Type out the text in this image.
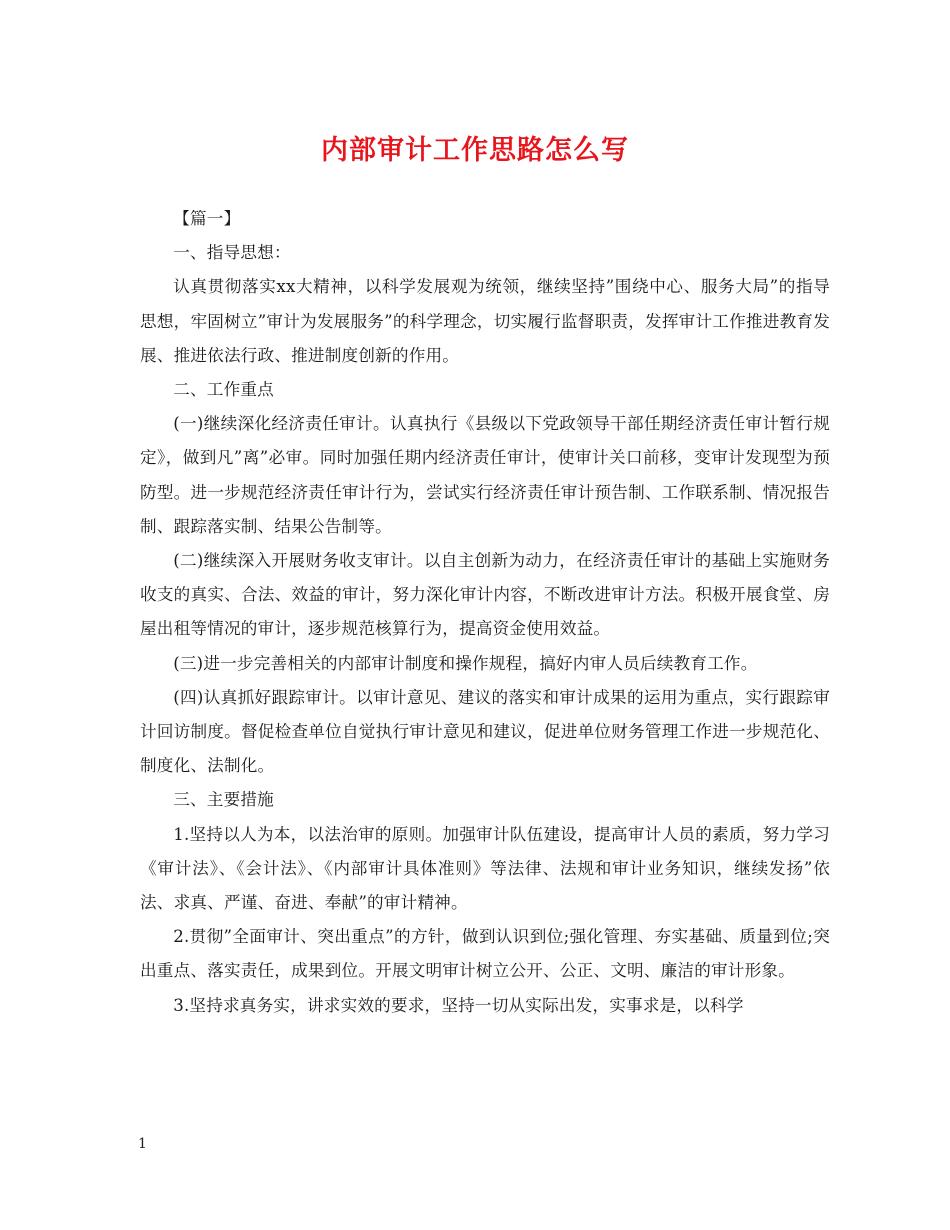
内部审计工作思路怎么写

【篇一】

一、指导思想：

认真贯彻落实xx大精神，以科学发展观为统领，继续坚持”围绕中心、服务大局”的指导思想，牢固树立”审计为发展服务”的科学理念，切实履行监督职责，发挥审计工作推进教育发展、推进依法行政、推进制度创新的作用。

二、工作重点

(一)继续深化经济责任审计。认真执行《县级以下党政领导干部任期经济责任审计暂行规定》，做到凡”离”必审。同时加强任期内经济责任审计，使审计关口前移，变审计发现型为预防型。进一步规范经济责任审计行为，尝试实行经济责任审计预告制、工作联系制、情况报告制、跟踪落实制、结果公告制等。

(二)继续深入开展财务收支审计。以自主创新为动力，在经济责任审计的基础上实施财务收支的真实、合法、效益的审计，努力深化审计内容，不断改进审计方法。积极开展食堂、房屋出租等情况的审计，逐步规范核算行为，提高资金使用效益。

(三)进一步完善相关的内部审计制度和操作规程，搞好内审人员后续教育工作。

(四)认真抓好跟踪审计。以审计意见、建议的落实和审计成果的运用为重点，实行跟踪审计回访制度。督促检查单位自觉执行审计意见和建议，促进单位财务管理工作进一步规范化、制度化、法制化。

三、主要措施

1.坚持以人为本，以法治审的原则。加强审计队伍建设，提高审计人员的素质，努力学习《审计法》、《会计法》、《内部审计具体准则》等法律、法规和审计业务知识，继续发扬”依法、求真、严谨、奋进、奉献”的审计精神。

2.贯彻”全面审计、突出重点”的方针，做到认识到位;强化管理、夯实基础、质量到位;突出重点、落实责任，成果到位。开展文明审计树立公开、公正、文明、廉洁的审计形象。

3.坚持求真务实，讲求实效的要求，坚持一切从实际出发，实事求是，以科学

1
